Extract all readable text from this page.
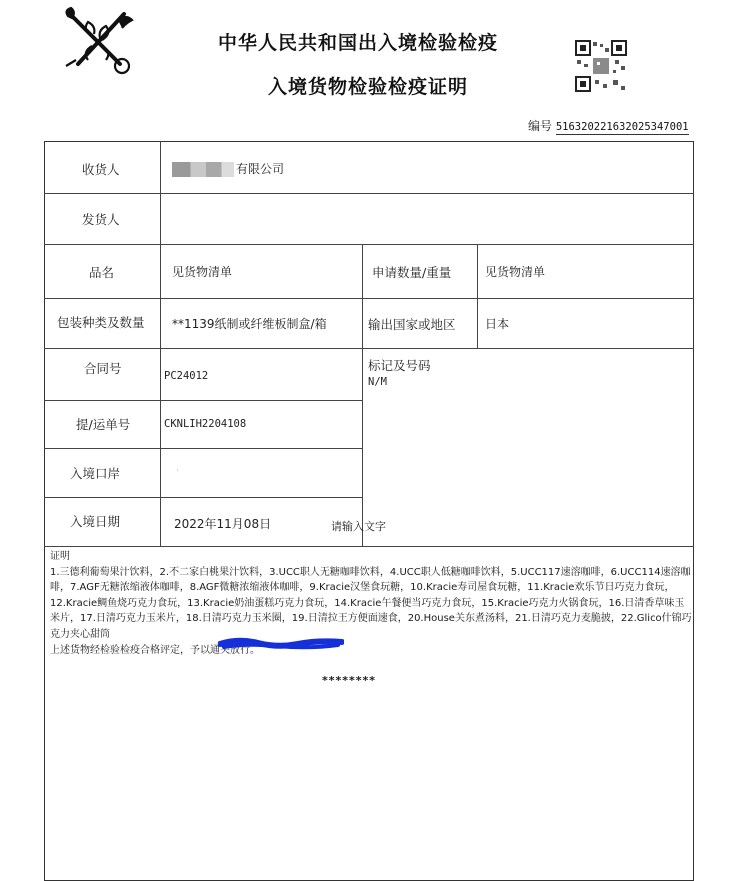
中华人民共和国出入境检验检疫
入境货物检验检疫证明
编号 5163202216320253470​01
收货人	有限公司
发货人
品名	见货物清单	申请数量/重量	见货物清单
包装种类及数量 **1139纸制或纤维板制盒/箱	输出国家或地区 日本
合同号	PC24012
标记及号码
N/M
提/运单号	CKNLIH2204108
入境口岸	·
入境日期	2022年11月08日	请输入文字
证明
1.三德利葡萄果汁饮料，2.不二家白桃果汁饮料，3.UCC职人无糖咖啡饮料，4.UCC职人低糖咖啡饮料，5.UCC117速溶咖啡，6.UCC114速溶咖啡，7.AGF无糖浓缩液体咖啡，8.AGF微糖浓缩液体咖啡，9.Kracie汉堡食玩糖，10.Kracie寿司屋食玩糖，11.Kracie欢乐节日巧克力食玩，12.Kracie鲷鱼烧巧克力食玩，13.Kracie奶油蛋糕巧克力食玩，14.Kracie午餐便当巧克力食玩，15.Kracie巧克力火锅食玩，16.日清香草味玉米片，17.日清巧克力玉米片，18.日清巧克力玉米圈，19.日清拉王方便面速食，20.House关东煮汤料，21.日清巧克力麦脆披，22.Glico什锦巧克力夹心甜筒
上述货物经检验检疫合格评定，予以通关放行。
********
